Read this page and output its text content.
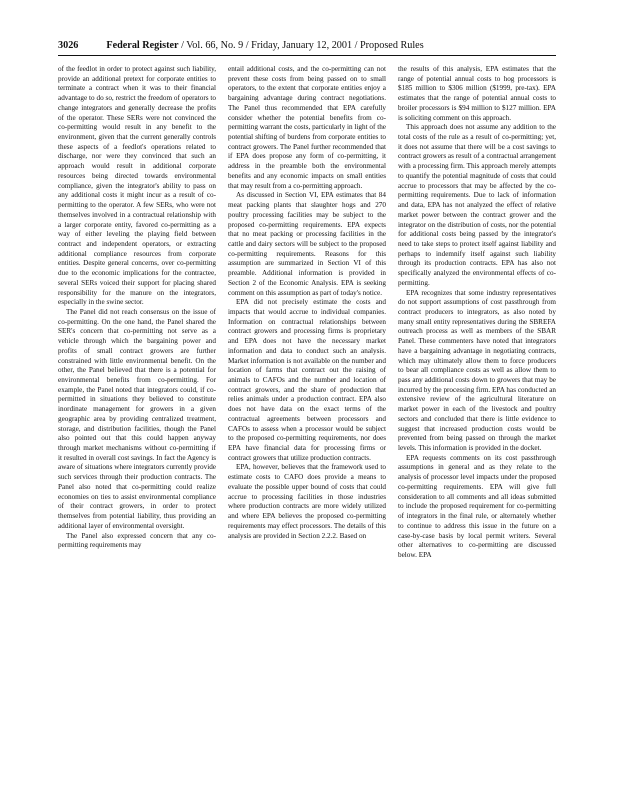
3026	Federal Register / Vol. 66, No. 9 / Friday, January 12, 2001 / Proposed Rules

of the feedlot in order to protect against such liability, provide an additional pretext for corporate entities to terminate a contract when it was to their financial advantage to do so, restrict the freedom of operators to change integrators and generally decrease the profits of the operator. These SERs were not convinced the co-permitting would result in any benefit to the environment, given that the current generally controls these aspects of a feedlot's operations related to discharge, nor were they convinced that such an approach would result in additional corporate resources being directed towards environmental compliance, given the integrator's ability to pass on any additional costs it might incur as a result of co-permitting to the operator. A few SERs, who were not themselves involved in a contractual relationship with a larger corporate entity, favored co-permitting as a way of either leveling the playing field between contract and independent operators, or extracting additional compliance resources from corporate entities. Despite general concerns, over co-permitting due to the economic implications for the contractee, several SERs voiced their support for placing shared responsibility for the manure on the integrators, especially in the swine sector.

The Panel did not reach consensus on the issue of co-permitting. On the one hand, the Panel shared the SER's concern that co-permitting not serve as a vehicle through which the bargaining power and profits of small contract growers are further constrained with little environmental benefit. On the other, the Panel believed that there is a potential for environmental benefits from co-permitting. For example, the Panel noted that integrators could, if co-permitted in situations they believed to constitute inordinate management for growers in a given geographic area by providing centralized treatment, storage, and distribution facilities, though the Panel also pointed out that this could happen anyway through market mechanisms without co-permitting if it resulted in overall cost savings. In fact the Agency is aware of situations where integrators currently provide such services through their production contracts. The Panel also noted that co-permitting could realize economies on ties to assist environmental compliance of their contract growers, in order to protect themselves from potential liability, thus providing an additional layer of environmental oversight.

The Panel also expressed concern that any co-permitting requirements may

entail additional costs, and the co-permitting can not prevent these costs from being passed on to small operators, to the extent that corporate entities enjoy a bargaining advantage during contract negotiations. The Panel thus recommended that EPA carefully consider whether the potential benefits from co-permitting warrant the costs, particularly in light of the potential shifting of burdens from corporate entities to contract growers. The Panel further recommended that if EPA does propose any form of co-permitting, it address in the preamble both the environmental benefits and any economic impacts on small entities that may result from a co-permitting approach.

As discussed in Section VI, EPA estimates that 84 meat packing plants that slaughter hogs and 270 poultry processing facilities may be subject to the proposed co-permitting requirements. EPA expects that no meat packing or processing facilities in the cattle and dairy sectors will be subject to the proposed co-permitting requirements. Reasons for this assumption are summarized in Section VI of this preamble. Additional information is provided in Section 2 of the Economic Analysis. EPA is seeking comment on this assumption as part of today's notice.

EPA did not precisely estimate the costs and impacts that would accrue to individual companies. Information on contractual relationships between contract growers and processing firms is proprietary and EPA does not have the necessary market information and data to conduct such an analysis. Market information is not available on the number and location of farms that contract out the raising of animals to CAFOs and the number and location of contract growers, and the share of production that relies animals under a production contract. EPA also does not have data on the exact terms of the contractual agreements between processors and CAFOs to assess when a processor would be subject to the proposed co-permitting requirements, nor does EPA have financial data for processing firms or contract growers that utilize production contracts.

EPA, however, believes that the framework used to estimate costs to CAFO does provide a means to evaluate the possible upper bound of costs that could accrue to processing facilities in those industries where production contracts are more widely utilized and where EPA believes the proposed co-permitting requirements may effect processors. The details of this analysis are provided in Section 2.2.2. Based on

the results of this analysis, EPA estimates that the range of potential annual costs to hog processors is $185 million to $306 million ($1999, pre-tax). EPA estimates that the range of potential annual costs to broiler processors is $94 million to $127 million. EPA is soliciting comment on this approach.

This approach does not assume any addition to the total costs of the rule as a result of co-permitting; yet, it does not assume that there will be a cost savings to contract growers as result of a contractual arrangement with a processing firm. This approach merely attempts to quantify the potential magnitude of costs that could accrue to processors that may be affected by the co-permitting requirements. Due to lack of information and data, EPA has not analyzed the effect of relative market power between the contract grower and the integrator on the distribution of costs, nor the potential for additional costs being passed by the integrator's need to take steps to protect itself against liability and perhaps to indemnify itself against such liability through its production contracts. EPA has also not specifically analyzed the environmental effects of co-permitting.

EPA recognizes that some industry representatives do not support assumptions of cost passthrough from contract producers to integrators, as also noted by many small entity representatives during the SBREFA outreach process as well as members of the SBAR Panel. These commenters have noted that integrators have a bargaining advantage in negotiating contracts, which may ultimately allow them to force producers to bear all compliance costs as well as allow them to pass any additional costs down to growers that may be incurred by the processing firm. EPA has conducted an extensive review of the agricultural literature on market power in each of the livestock and poultry sectors and concluded that there is little evidence to suggest that increased production costs would be prevented from being passed on through the market levels. This information is provided in the docket.

EPA requests comments on its cost passthrough assumptions in general and as they relate to the analysis of processor level impacts under the proposed co-permitting requirements. EPA will give full consideration to all comments and all ideas submitted to include the proposed requirement for co-permitting of integrators in the final rule, or alternately whether to continue to address this issue in the future on a case-by-case basis by local permit writers. Several other alternatives to co-permitting are discussed below. EPA
